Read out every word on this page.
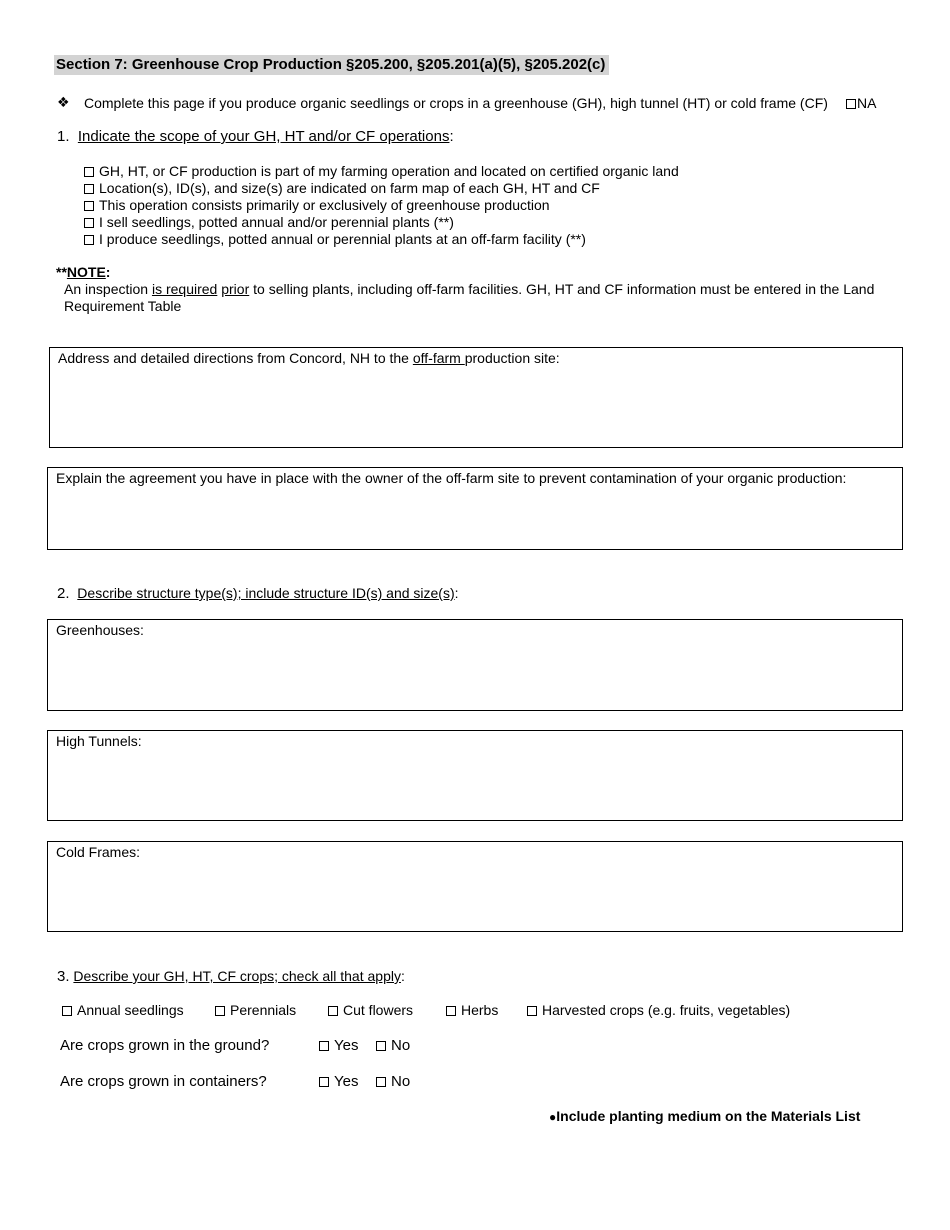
Section 7: Greenhouse Crop Production §205.200, §205.201(a)(5), §205.202(c)
❖ Complete this page if you produce organic seedlings or crops in a greenhouse (GH), high tunnel (HT) or cold frame (CF)	NA
1. Indicate the scope of your GH, HT and/or CF operations:
GH, HT, or CF production is part of my farming operation and located on certified organic land
Location(s), ID(s), and size(s) are indicated on farm map of each GH, HT and CF
This operation consists primarily or exclusively of greenhouse production
I sell seedlings, potted annual and/or perennial plants (**)
I produce seedlings, potted annual or perennial plants at an off-farm facility (**)
**NOTE:
An inspection is required prior to selling plants, including off-farm facilities. GH, HT and CF information must be entered in the Land Requirement Table
Address and detailed directions from Concord, NH to the off-farm production site:
Explain the agreement you have in place with the owner of the off-farm site to prevent contamination of your organic production:
2. Describe structure type(s); include structure ID(s) and size(s):
Greenhouses:
High Tunnels:
Cold Frames:
3. Describe your GH, HT, CF crops; check all that apply:
Annual seedlings	Perennials	Cut flowers	Herbs	Harvested crops (e.g. fruits, vegetables)
Are crops grown in the ground?	Yes	No
Are crops grown in containers?	Yes	No
●Include planting medium on the Materials List
